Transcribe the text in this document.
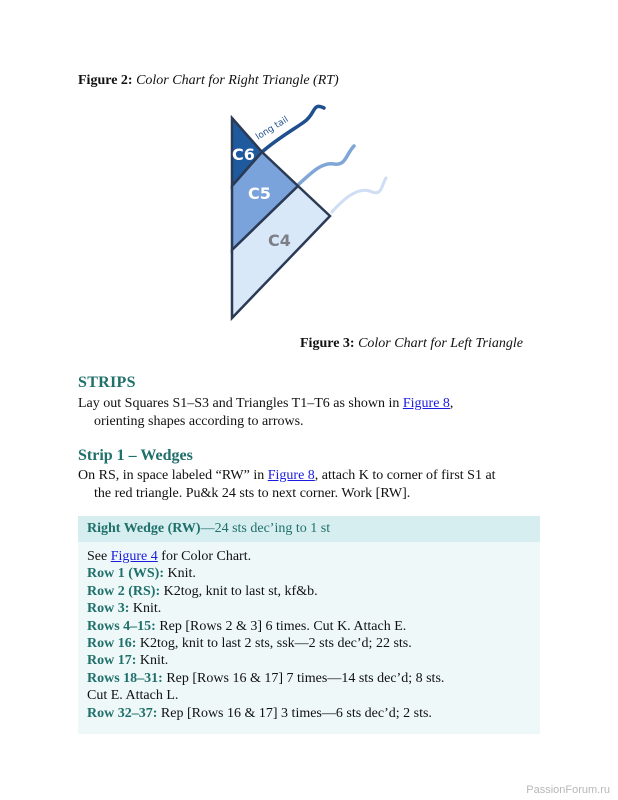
Figure 2: Color Chart for Right Triangle (RT)
long tail
C6
C5
C4
Figure 3: Color Chart for Left Triangle
STRIPS
Lay out Squares S1–S3 and Triangles T1–T6 as shown in Figure 8,
orienting shapes according to arrows.
Strip 1 – Wedges
On RS, in space labeled “RW” in Figure 8, attach K to corner of first S1 at
the red triangle. Pu&k 24 sts to next corner. Work [RW].
Right Wedge (RW)—24 sts dec’ing to 1 st
See Figure 4 for Color Chart.
Row 1 (WS): Knit.
Row 2 (RS): K2tog, knit to last st, kf&b.
Row 3: Knit.
Rows 4–15: Rep [Rows 2 & 3] 6 times. Cut K. Attach E.
Row 16: K2tog, knit to last 2 sts, ssk—2 sts dec’d; 22 sts.
Row 17: Knit.
Rows 18–31: Rep [Rows 16 & 17] 7 times—14 sts dec’d; 8 sts.
Cut E. Attach L.
Row 32–37: Rep [Rows 16 & 17] 3 times—6 sts dec’d; 2 sts.
PassionForum.ru
